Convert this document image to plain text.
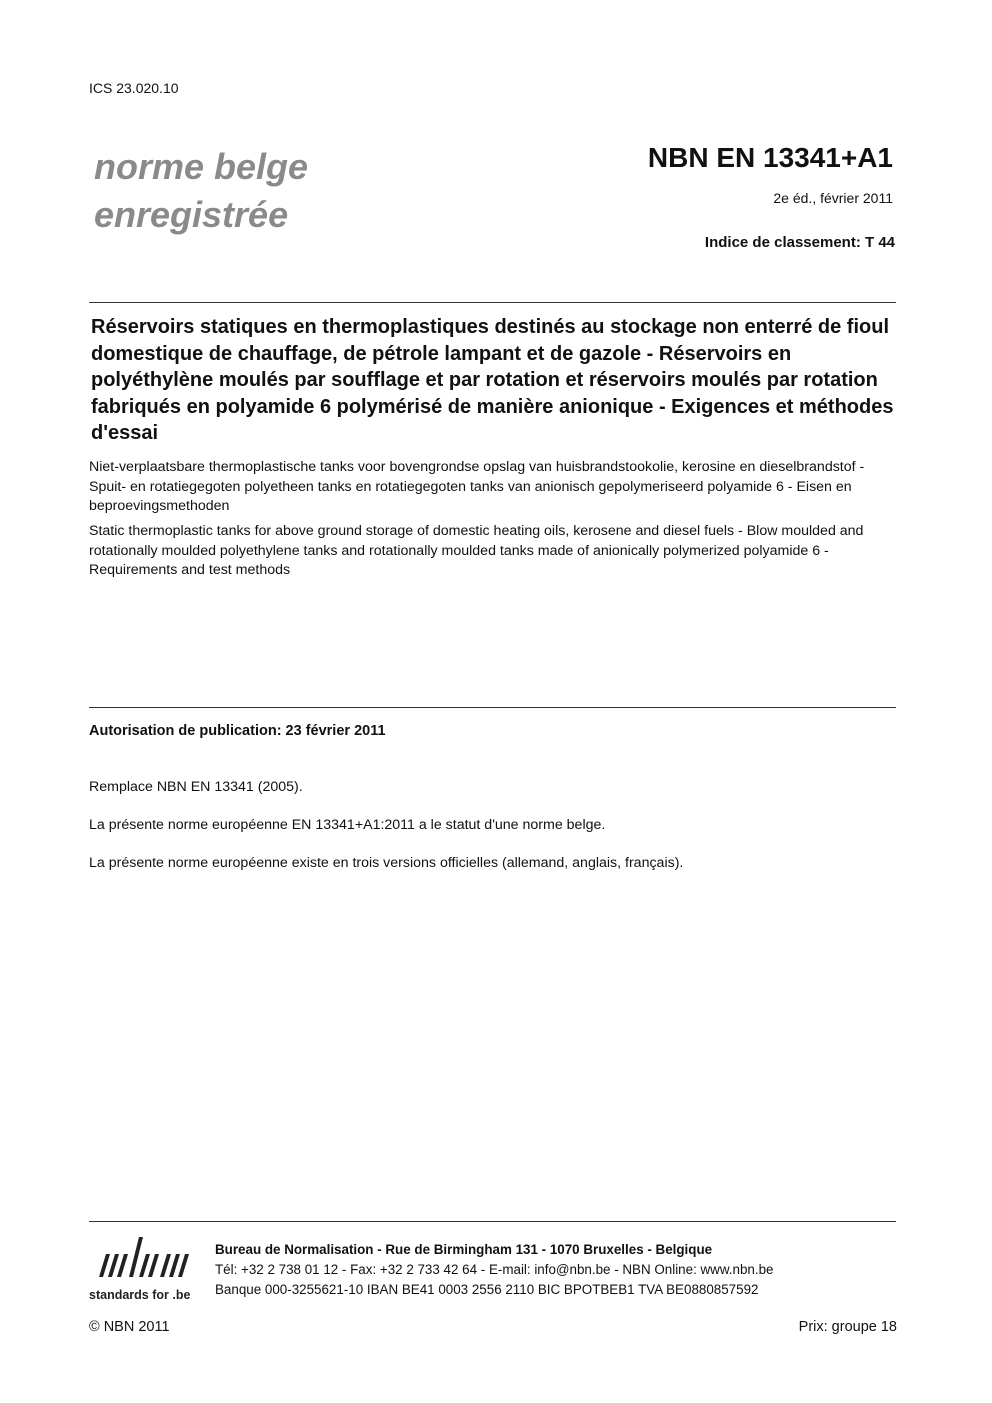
ICS 23.020.10
norme belge
enregistrée
NBN EN 13341+A1
2e éd., février 2011
Indice de classement: T 44
Réservoirs statiques en thermoplastiques destinés au stockage non enterré de fioul domestique de chauffage, de pétrole lampant et de gazole - Réservoirs en polyéthylène moulés par soufflage et par rotation et réservoirs moulés par rotation fabriqués en polyamide 6 polymérisé de manière anionique - Exigences et méthodes d'essai
Niet-verplaatsbare thermoplastische tanks voor bovengrondse opslag van huisbrandstookolie, kerosine en dieselbrandstof - Spuit- en rotatiegegoten polyetheen tanks en rotatiegegoten tanks van anionisch gepolymeriseerd polyamide 6 - Eisen en beproevingsmethoden
Static thermoplastic tanks for above ground storage of domestic heating oils, kerosene and diesel fuels - Blow moulded and rotationally moulded polyethylene tanks and rotationally moulded tanks made of anionically polymerized polyamide 6 - Requirements and test methods
Autorisation de publication: 23 février 2011
Remplace NBN EN 13341 (2005).
La présente norme européenne EN 13341+A1:2011 a le statut d'une norme belge.
La présente norme européenne existe en trois versions officielles (allemand, anglais, français).
standards for .be
Bureau de Normalisation - Rue de Birmingham 131 - 1070 Bruxelles - Belgique
Tél: +32 2 738 01 12 - Fax: +32 2 733 42 64 - E-mail: info@nbn.be - NBN Online: www.nbn.be
Banque 000-3255621-10 IBAN BE41 0003 2556 2110 BIC BPOTBEB1 TVA BE0880857592
© NBN 2011	Prix: groupe 18
